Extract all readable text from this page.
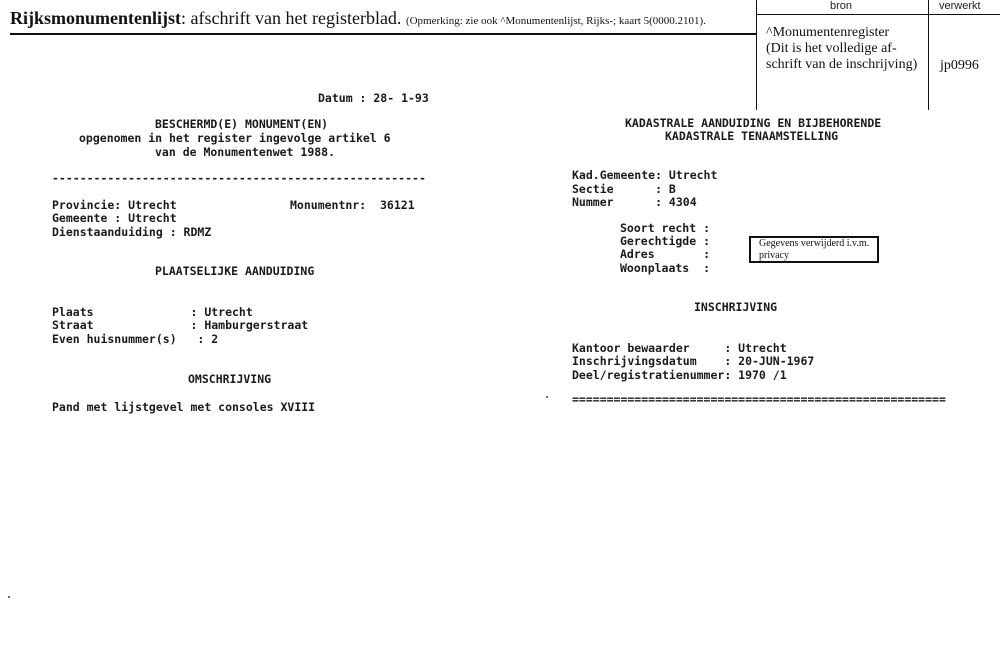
Rijksmonumentenlijst: afschrift van het registerblad. (Opmerking: zie ook ^Monumentenlijst, Rijks-; kaart 5(0000.2101).
bron	verwerkt
^Monumentenregister
(Dit is het volledige af-
schrift van de inschrijving) jp0996
Datum : 28- 1-93
BESCHERMD(E) MONUMENT(EN)
opgenomen in het register ingevolge artikel 6
van de Monumentenwet 1988.
------------------------------------------------------
Provincie: Utrecht	Monumentnr:  36121
Gemeente : Utrecht
Dienstaanduiding : RDMZ
PLAATSELIJKE AANDUIDING
Plaats              : Utrecht
Straat              : Hamburgerstraat
Even huisnummer(s)   : 2
OMSCHRIJVING
Pand met lijstgevel met consoles XVIII
KADASTRALE AANDUIDING EN BIJBEHORENDE
KADASTRALE TENAAMSTELLING
Kad.Gemeente: Utrecht
Sectie      : B
Nummer      : 4304
Soort recht :
Gerechtigde :
Adres       :
Woonplaats  :
Gegevens verwijderd i.v.m. privacy
INSCHRIJVING
Kantoor bewaarder     : Utrecht
Inschrijvingsdatum    : 20-JUN-1967
Deel/registratienummer: 1970 /1
======================================================
